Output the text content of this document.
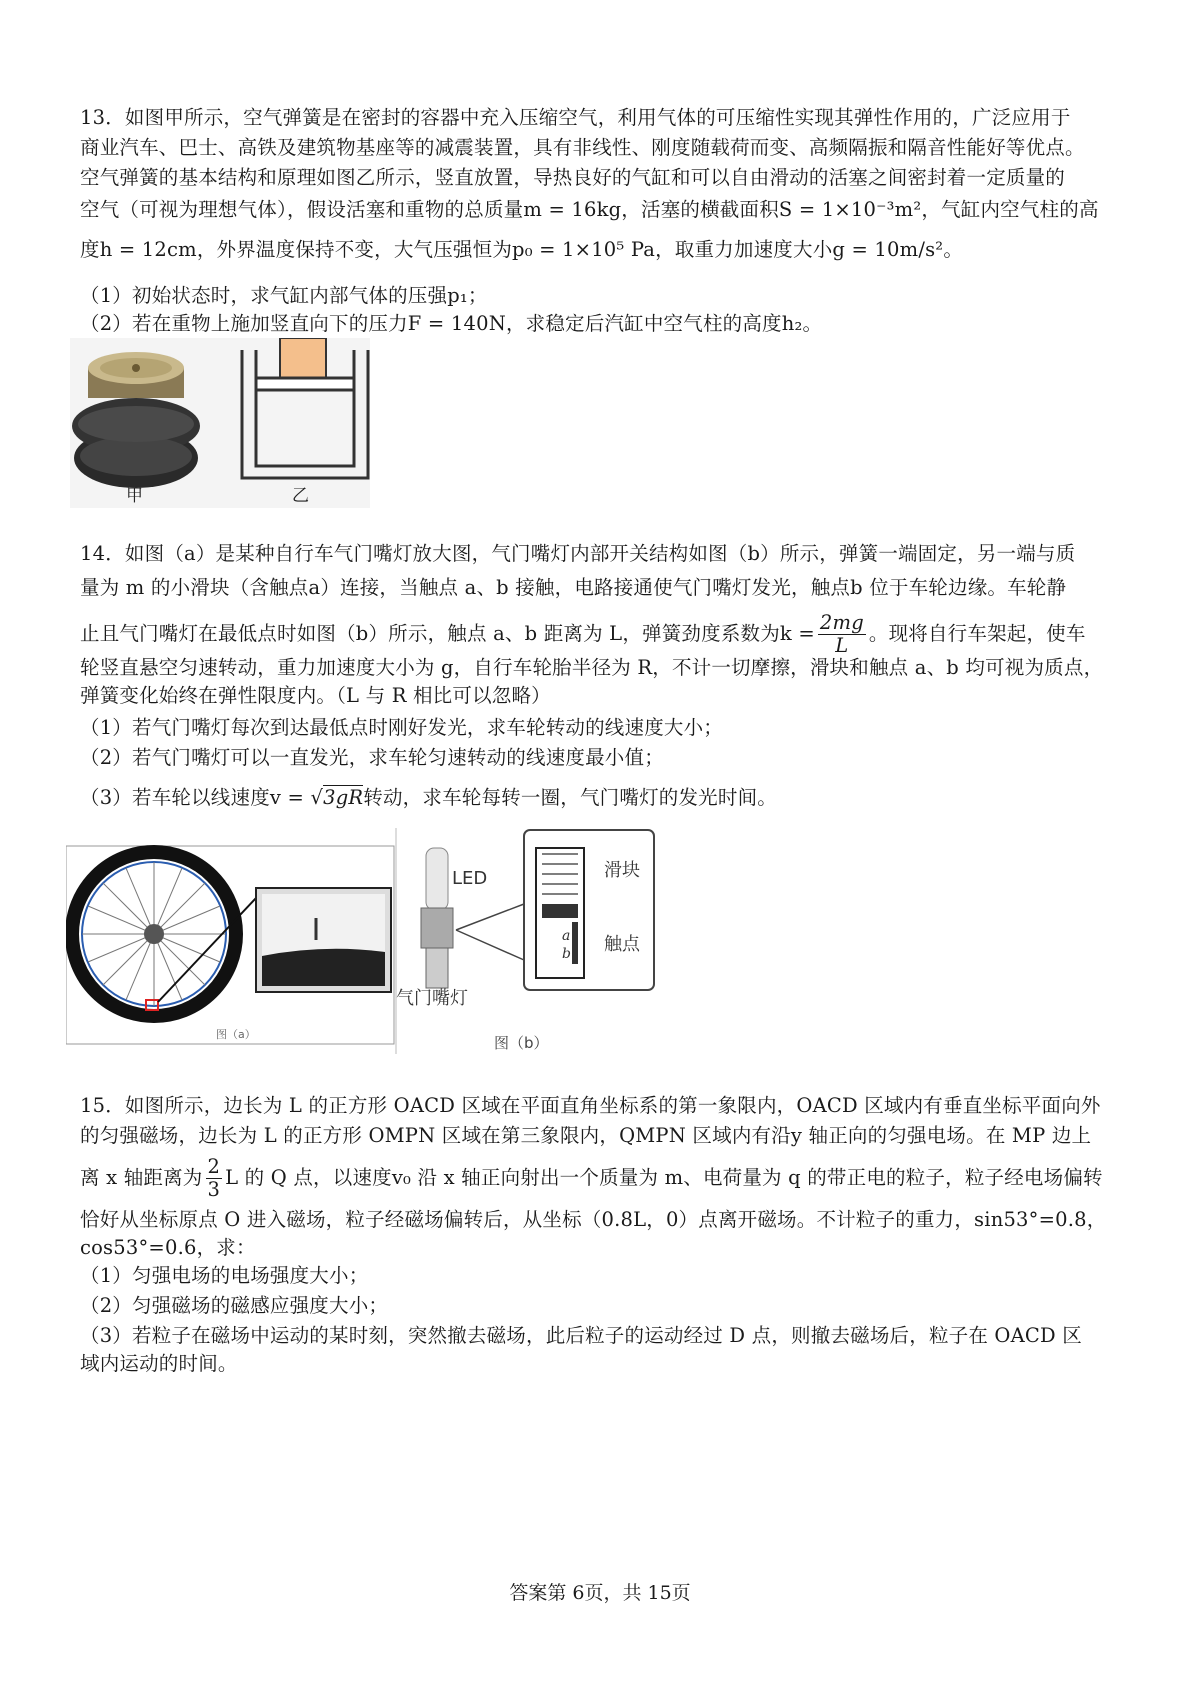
13．如图甲所示，空气弹簧是在密封的容器中充入压缩空气，利用气体的可压缩性实现其弹性作用的，广泛应用于
商业汽车、巴士、高铁及建筑物基座等的减震装置，具有非线性、刚度随载荷而变、高频隔振和隔音性能好等优点。
空气弹簧的基本结构和原理如图乙所示，竖直放置，导热良好的气缸和可以自由滑动的活塞之间密封着一定质量的
空气（可视为理想气体），假设活塞和重物的总质量m = 16kg，活塞的横截面积S = 1×10⁻³m²，气缸内空气柱的高
度h = 12cm，外界温度保持不变，大气压强恒为p₀ = 1×10⁵ Pa，取重力加速度大小g = 10m/s²。
（1）初始状态时，求气缸内部气体的压强p₁；
（2）若在重物上施加竖直向下的压力F = 140N，求稳定后汽缸中空气柱的高度h₂。
甲	乙
14．如图（a）是某种自行车气门嘴灯放大图，气门嘴灯内部开关结构如图（b）所示，弹簧一端固定，另一端与质
量为 m 的小滑块（含触点a）连接，当触点 a、b 接触，电路接通使气门嘴灯发光，触点b 位于车轮边缘。车轮静
止且气门嘴灯在最低点时如图（b）所示，触点 a、b 距离为 L，弹簧劲度系数为$k = \frac{2mg}{L}$ 。现将自行车架起，使车
轮竖直悬空匀速转动，重力加速度大小为 g，自行车轮胎半径为 R，不计一切摩擦，滑块和触点 a、b 均可视为质点，
弹簧变化始终在弹性限度内。（L 与 R 相比可以忽略）
（1）若气门嘴灯每次到达最低点时刚好发光，求车轮转动的线速度大小；
（2）若气门嘴灯可以一直发光，求车轮匀速转动的线速度最小值；
（3）若车轮以线速度v = √3gR转动，求车轮每转一圈，气门嘴灯的发光时间。
图（a）
LED
气门嘴灯
滑块
触点
a
b
图（b）
15．如图所示，边长为 L 的正方形 OACD 区域在平面直角坐标系的第一象限内，OACD 区域内有垂直坐标平面向外
的匀强磁场，边长为 L 的正方形 OMPN 区域在第三象限内，QMPN 区域内有沿y 轴正向的匀强电场。在 MP 边上
离 x 轴距离为 $\frac{2}{3}$ L 的 Q 点，以速度v₀ 沿 x 轴正向射出一个质量为 m、电荷量为 q 的带正电的粒子，粒子经电场偏转
恰好从坐标原点 O 进入磁场，粒子经磁场偏转后，从坐标（0.8L，0）点离开磁场。不计粒子的重力，sin53°=0.8，
cos53°=0.6，求：
（1）匀强电场的电场强度大小；
（2）匀强磁场的磁感应强度大小；
（3）若粒子在磁场中运动的某时刻，突然撤去磁场，此后粒子的运动经过 D 点，则撤去磁场后，粒子在 OACD 区
域内运动的时间。
答案第 6页，共 15页
